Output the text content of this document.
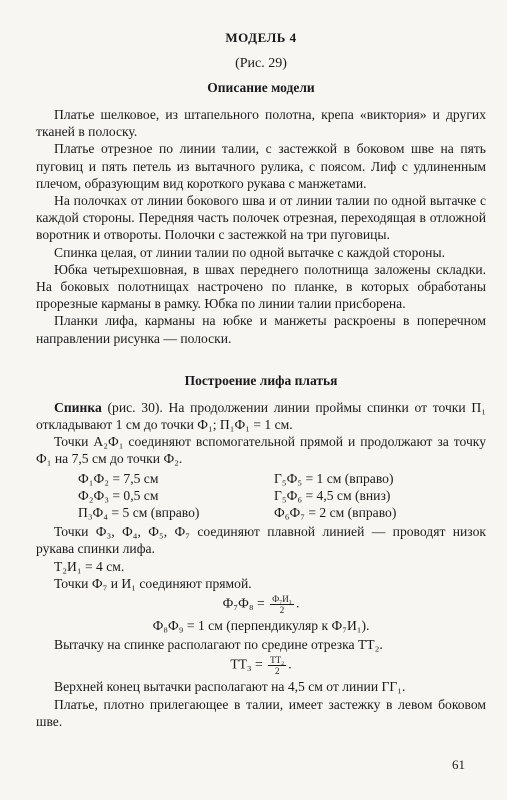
МОДЕЛЬ 4
(Рис. 29)
Описание модели

Платье шелковое, из штапельного полотна, крепа «виктория» и других тканей в полоску.

Платье отрезное по линии талии, с застежкой в боковом шве на пять пуговиц и пять петель из вытачного рулика, с поясом. Лиф с удлиненным плечом, образующим вид короткого рукава с манжетами.

На полочках от линии бокового шва и от линии талии по одной вытачке с каждой стороны. Передняя часть полочек отрезная, переходящая в отложной воротник и отвороты. Полочки с застежкой на три пуговицы.

Спинка целая, от линии талии по одной вытачке с каждой стороны.

Юбка четырехшовная, в швах переднего полотнища заложены складки. На боковых полотнищах настрочено по планке, в которых обработаны прорезные карманы в рамку. Юбка по линии талии присборена.

Планки лифа, карманы на юбке и манжеты раскроены в поперечном направлении рисунка — полоски.

Построение лифа платья

Спинка (рис. 30). На продолжении линии проймы спинки от точки П₁ откладывают 1 см до точки Ф₁; П₁Ф₁ = 1 см.

Точки А₂Ф₁ соединяют вспомогательной прямой и продолжают за точку Ф₁ на 7,5 см до точки Ф₂.

Ф₁Ф₂ = 7,5 см	Г₅Ф₅ = 1 см (вправо)
Ф₂Ф₃ = 0,5 см	Г₅Ф₆ = 4,5 см (вниз)
П₃Ф₄ = 5 см (вправо)	Ф₆Ф₇ = 2 см (вправо)

Точки Ф₃, Ф₄, Ф₅, Ф₇ соединяют плавной линией — проводят низок рукава спинки лифа.

Т₂И₁ = 4 см.

Точки Ф₇ и И₁ соединяют прямой.

$Ф_7Ф_8 = \frac{\text{Ф₇И₁}}{2}$ .
Ф₈Ф₉ = 1 см (перпендикуляр к Ф₇И₁).

Вытачку на спинке располагают по средине отрезка ТТ₂.

$ТТ_3 = \frac{\text{ТТ₂}}{2}$ .

Верхней конец вытачки располагают на 4,5 см от линии ГГ₁.

Платье, плотно прилегающее в талии, имеет застежку в левом боковом шве.

61
